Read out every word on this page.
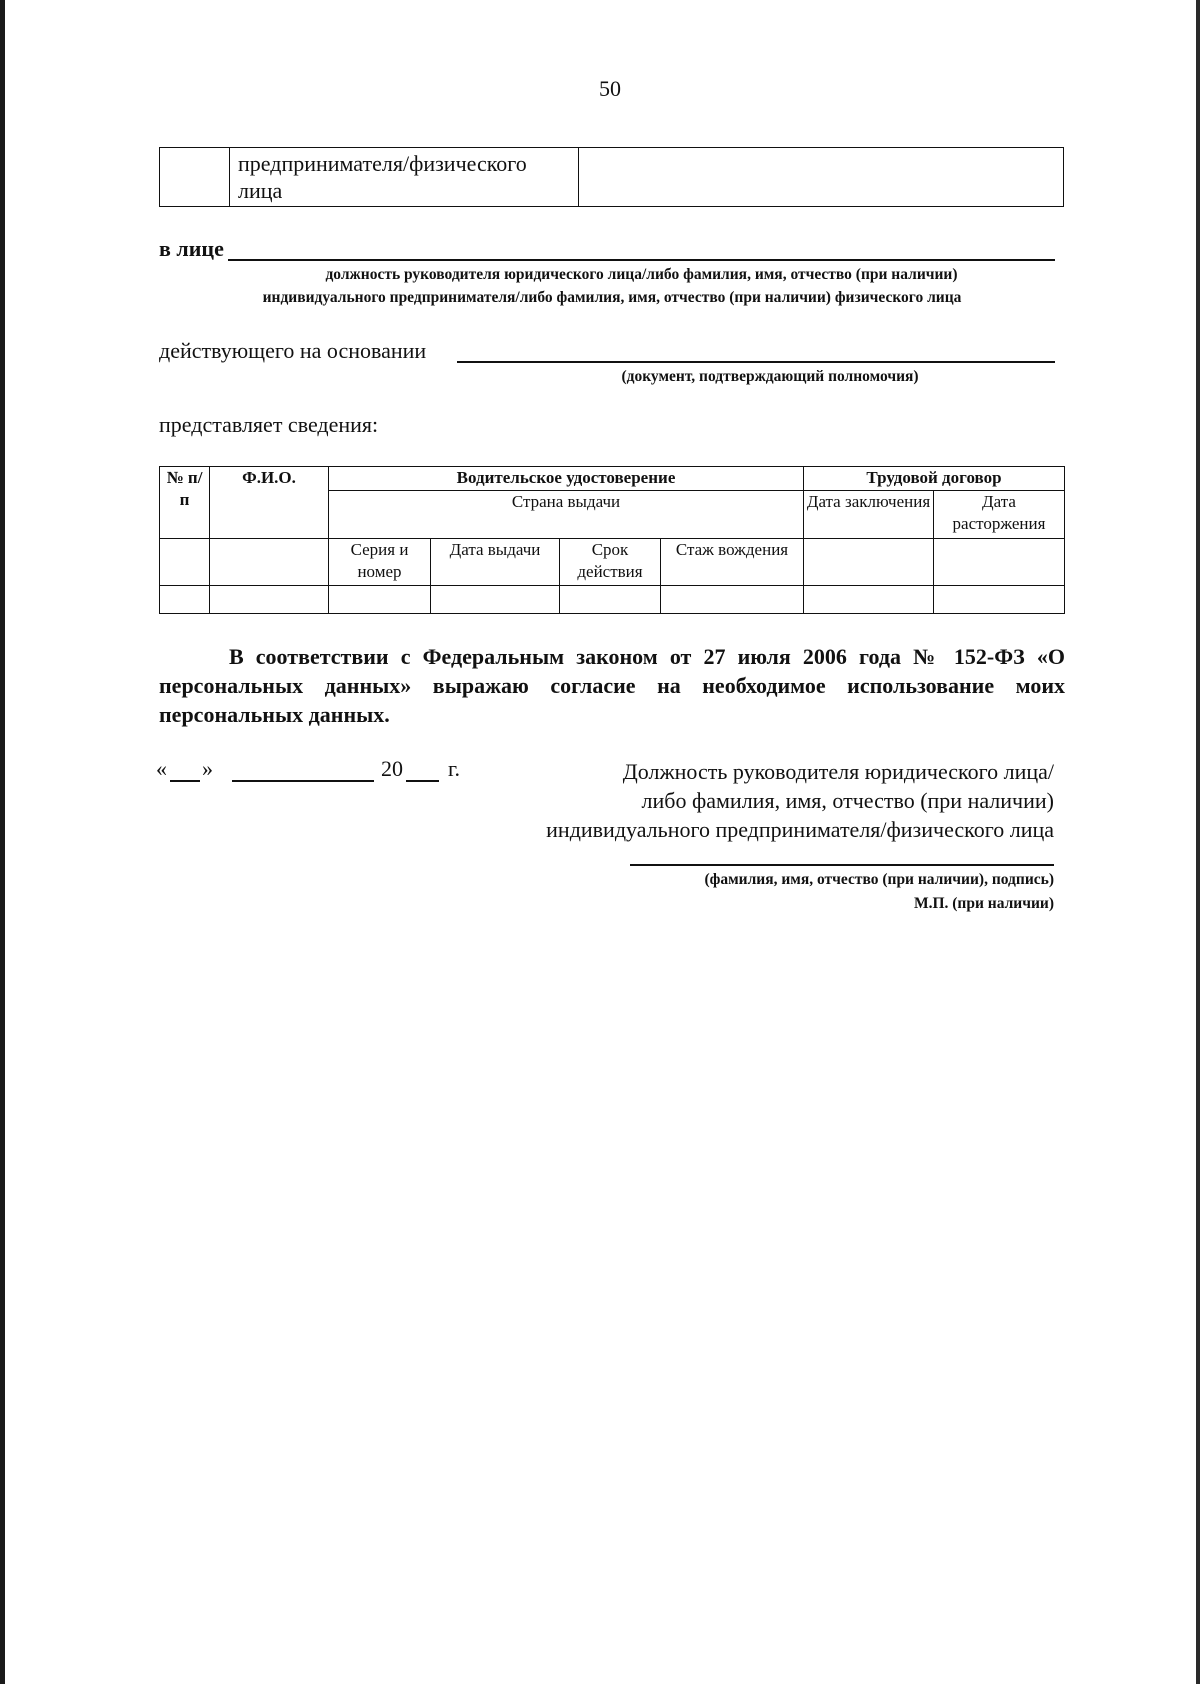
50
	предпринимателя/физического лица	
в лице
должность руководителя юридического лица/либо фамилия, имя, отчество (при наличии)
индивидуального предпринимателя/либо фамилия, имя, отчество (при наличии) физического лица
действующего на основании
(документ, подтверждающий полномочия)
представляет сведения:
№ п/п	Ф.И.О.	Водительское удостоверение				Трудовой договор	
		Страна выдачи				Дата заключения	Дата расторжения
		Серия и номер	Дата выдачи	Срок действия	Стаж вождения		

В соответствии с Федеральным законом от 27 июля 2006 года № 152-ФЗ «О персональных данных» выражаю согласие на необходимое использование моих персональных данных.

« »	20 г.	Должность руководителя юридического лица/
либо фамилия, имя, отчество (при наличии)
индивидуального предпринимателя/физического лица
(фамилия, имя, отчество (при наличии), подпись)
М.П. (при наличии)
